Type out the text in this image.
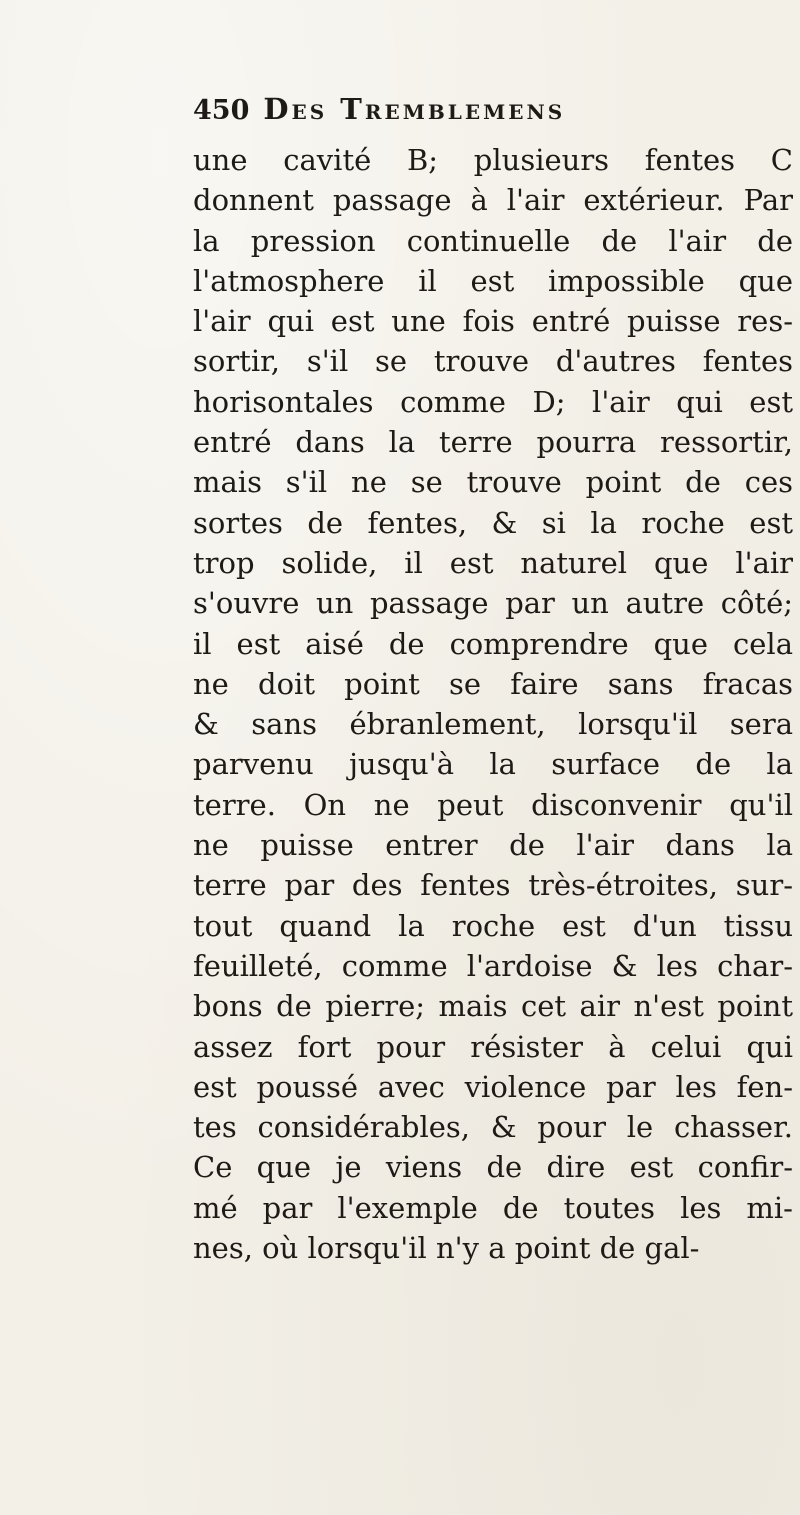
450 Des Tremblemens
une cavité B; plusieurs fentes C
donnent passage à l'air extérieur. Par
la pression continuelle de l'air de
l'atmosphere il est impossible que
l'air qui est une fois entré puisse res-
sortir, s'il se trouve d'autres fentes
horisontales comme D; l'air qui est
entré dans la terre pourra ressortir,
mais s'il ne se trouve point de ces
sortes de fentes, & si la roche est
trop solide, il est naturel que l'air
s'ouvre un passage par un autre côté;
il est aisé de comprendre que cela
ne doit point se faire sans fracas
& sans ébranlement, lorsqu'il sera
parvenu jusqu'à la surface de la
terre. On ne peut disconvenir qu'il
ne puisse entrer de l'air dans la
terre par des fentes très-étroites, sur-
tout quand la roche est d'un tissu
feuilleté, comme l'ardoise & les char-
bons de pierre; mais cet air n'est point
assez fort pour résister à celui qui
est poussé avec violence par les fen-
tes considérables, & pour le chasser.
Ce que je viens de dire est confir-
mé par l'exemple de toutes les mi-
nes, où lorsqu'il n'y a point de gal-
